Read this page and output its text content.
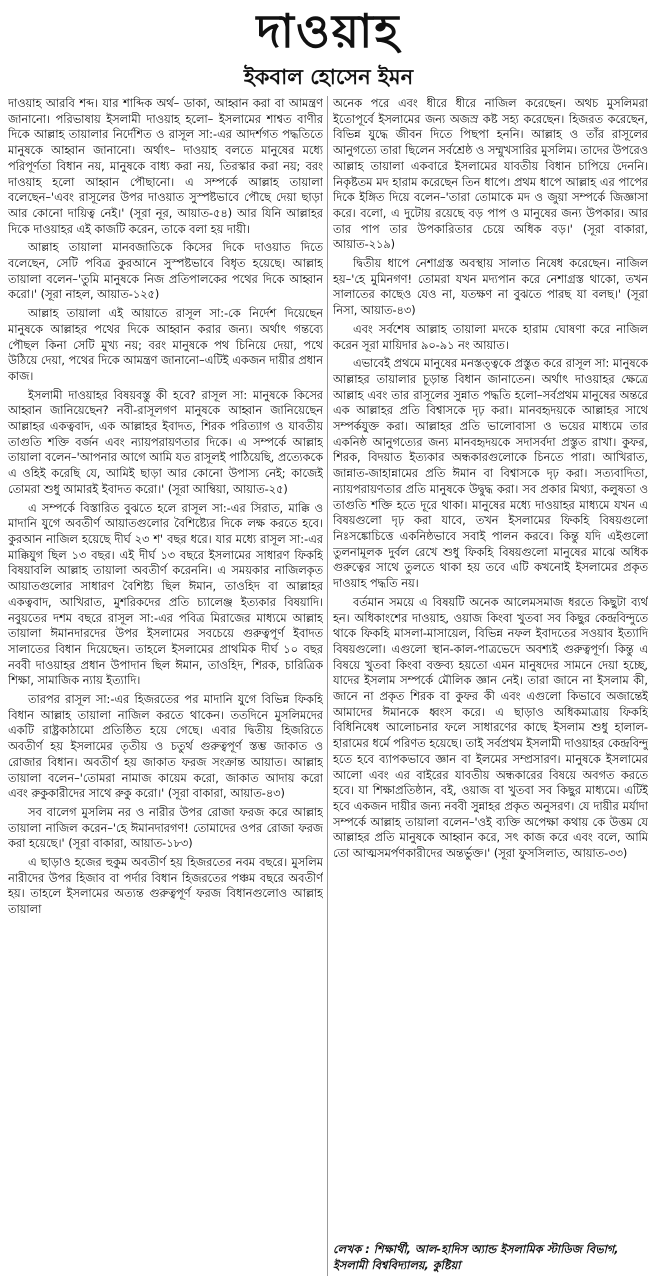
দাওয়াহ
ইকবাল হোসেন ইমন

দাওয়াহ আরবি শব্দ। যার শাব্দিক অর্থ– ডাকা, আহ্বান করা বা আমন্ত্রণ জানানো। পরিভাষায় ইসলামী দাওয়াহ হলো– ইসলামের শাশ্বত বাণীর দিকে আল্লাহ তায়ালার নির্দেশিত ও রাসূল সা:-এর আদর্শগত পদ্ধতিতে মানুষকে আহ্বান জানানো। অর্থাৎ– দাওয়াহ বলতে মানুষের মধ্যে পরিপূর্ণতা বিধান নয়, মানুষকে বাধ্য করা নয়, তিরস্কার করা নয়; বরং দাওয়াহ হলো আহ্বান পৌছানো। এ সম্পর্কে আল্লাহ তায়ালা বলেছেন–'এবং রাসূলের উপর দাওয়াত সুস্পষ্টভাবে পৌছে দেয়া ছাড়া আর কোনো দায়িত্ব নেই।' (সূরা নূর, আয়াত-৫৪) আর যিনি আল্লাহর দিকে দাওয়াহর এই কাজটি করেন, তাকে বলা হয় দায়ী।

আল্লাহ তায়ালা মানবজাতিকে কিসের দিকে দাওয়াত দিতে বলেছেন, সেটি পবিত্র কুরআনে সুস্পষ্টভাবে বিধৃত হয়েছে। আল্লাহ তায়ালা বলেন–'তুমি মানুষকে নিজ প্রতিপালকের পথের দিকে আহ্বান করো।' (সূরা নাহল, আয়াত-১২৫)

আল্লাহ তায়ালা এই আয়াতে রাসূল সা:-কে নির্দেশ দিয়েছেন মানুষকে আল্লাহর পথের দিকে আহ্বান করার জন্য। অর্থাৎ গন্তব্যে পৌছল কিনা সেটি মুখ্য নয়; বরং মানুষকে পথ চিনিয়ে দেয়া, পথে উঠিয়ে দেয়া, পথের দিকে আমন্ত্রণ জানানো–এটিই একজন দায়ীর প্রধান কাজ।

ইসলামী দাওয়াহর বিষয়বস্তু কী হবে? রাসূল সা: মানুষকে কিসের আহ্বান জানিয়েছেন? নবী-রাসূলগণ মানুষকে আহ্বান জানিয়েছেন আল্লাহর একত্ববাদ, এক আল্লাহর ইবাদত, শিরক পরিত্যাগ ও যাবতীয় তাগুতি শক্তি বর্জন এবং ন্যায়পরায়ণতার দিকে। এ সম্পর্কে আল্লাহ তায়ালা বলেন–'আপনার আগে আমি যত রাসূলই পাঠিয়েছি, প্রত্যেককে এ ওহিই করেছি যে, আমিই ছাড়া আর কোনো উপাস্য নেই; কাজেই তোমরা শুধু আমারই ইবাদত করো।' (সূরা আম্বিয়া, আয়াত-২৫)

এ সম্পর্কে বিস্তারিত বুঝতে হলে রাসূল সা:-এর সিরাত, মাক্কি ও মাদানি যুগে অবতীর্ণ আয়াতগুলোর বৈশিষ্ট্যের দিকে লক্ষ করতে হবে। কুরআন নাজিল হয়েছে দীর্ঘ ২৩ শ' বছর ধরে। যার মধ্যে রাসূল সা:-এর মাক্কিযুগ ছিল ১৩ বছর। এই দীর্ঘ ১৩ বছরে ইসলামের সাধারণ ফিকহি বিষয়াবলি আল্লাহ তায়ালা অবতীর্ণ করেননি। এ সময়কার নাজিলকৃত আয়াতগুলোর সাধারণ বৈশিষ্ট্য ছিল ঈমান, তাওহিদ বা আল্লাহর একত্ববাদ, আখিরাত, মুশরিকদের প্রতি চ্যালেঞ্জ ইত্যকার বিষয়াদি। নবুয়তের দশম বছরে রাসূল সা:-এর পবিত্র মিরাজের মাধ্যমে আল্লাহ তায়ালা ঈমানদারদের উপর ইসলামের সবচেয়ে গুরুত্বপূর্ণ ইবাদত সালাতের বিধান দিয়েছেন। তাহলে ইসলামের প্রাথমিক দীর্ঘ ১০ বছর নববী দাওয়াহর প্রধান উপাদান ছিল ঈমান, তাওহিদ, শিরক, চারিত্রিক শিক্ষা, সামাজিক ন্যায় ইত্যাদি।

তারপর রাসূল সা:-এর হিজরতের পর মাদানি যুগে বিভিন্ন ফিকহি বিধান আল্লাহ তায়ালা নাজিল করতে থাকেন। ততদিনে মুসলিমদের একটি রাষ্ট্রকাঠামো প্রতিষ্ঠিত হয়ে গেছে। এবার দ্বিতীয় হিজরিতে অবতীর্ণ হয় ইসলামের তৃতীয় ও চতুর্থ গুরুত্বপূর্ণ স্তম্ভ জাকাত ও রোজার বিধান। অবতীর্ণ হয় জাকাত ফরজ সংক্রান্ত আয়াত। আল্লাহ তায়ালা বলেন–'তোমরা নামাজ কায়েম করো, জাকাত আদায় করো এবং রুকুকারীদের সাথে রুকু করো।' (সূরা বাকারা, আয়াত-৪৩)

সব বালেগ মুসলিম নর ও নারীর উপর রোজা ফরজ করে আল্লাহ তায়ালা নাজিল করেন–'হে ঈমানদারগণ! তোমাদের ওপর রোজা ফরজ করা হয়েছে।' (সূরা বাকারা, আয়াত-১৮৩)

এ ছাড়াও হজের হুকুম অবতীর্ণ হয় হিজরতের নবম বছরে। মুসলিম নারীদের উপর হিজাব বা পর্দার বিধান হিজরতের পঞ্চম বছরে অবতীর্ণ হয়। তাহলে ইসলামের অত্যন্ত গুরুত্বপূর্ণ ফরজ বিধানগুলোও আল্লাহ তায়ালা

অনেক পরে এবং ধীরে ধীরে নাজিল করেছেন। অথচ মুসলিমরা ইতোপূর্বে ইসলামের জন্য অজস্র কষ্ট সহ্য করেছেন। হিজরত করেছেন, বিভিন্ন যুদ্ধে জীবন দিতে পিছপা হননি। আল্লাহ ও তাঁর রাসূলের আনুগত্যে তারা ছিলেন সর্বশ্রেষ্ঠ ও সম্মুখসারির মুসলিম। তাদের উপরেও আল্লাহ তায়ালা একবারে ইসলামের যাবতীয় বিধান চাপিয়ে দেননি। নিকৃষ্টতম মদ হারাম করেছেন তিন ধাপে। প্রথম ধাপে আল্লাহ এর পাপের দিকে ইঙ্গিত দিয়ে বলেন–'তারা তোমাকে মদ ও জুয়া সম্পর্কে জিজ্ঞাসা করে। বলো, এ দুটোয় রয়েছে বড় পাপ ও মানুষের জন্য উপকার। আর তার পাপ তার উপকারিতার চেয়ে অধিক বড়।' (সূরা বাকারা, আয়াত-২১৯)

দ্বিতীয় ধাপে নেশাগ্রস্ত অবস্থায় সালাত নিষেধ করেছেন। নাজিল হয়–'হে মুমিনগণ! তোমরা যখন মদ্যপান করে নেশাগ্রস্ত থাকো, তখন সালাতের কাছেও যেও না, যতক্ষণ না বুঝতে পারছ যা বলছ।' (সূরা নিসা, আয়াত-৪৩)

এবং সর্বশেষ আল্লাহ তায়ালা মদকে হারাম ঘোষণা করে নাজিল করেন সূরা মায়িদার ৯০-৯১ নং আয়াত।

এভাবেই প্রথমে মানুষের মনস্তত্ত্বকে প্রস্তুত করে রাসূল সা: মানুষকে আল্লাহর তায়ালার চূড়ান্ত বিধান জানাতেন। অর্থাৎ দাওয়াহর ক্ষেত্রে আল্লাহ এবং তার রাসূলের সুন্নাত পদ্ধতি হলো–সর্বপ্রথম মানুষের অন্তরে এক আল্লাহর প্রতি বিশ্বাসকে দৃঢ় করা। মানবহৃদয়কে আল্লাহর সাথে সম্পর্কযুক্ত করা। আল্লাহর প্রতি ভালোবাসা ও ভয়ের মাধ্যমে তার একনিষ্ঠ আনুগত্যের জন্য মানবহৃদয়কে সদাসর্বদা প্রস্তুত রাখা। কুফর, শিরক, বিদয়াত ইত্যকার অন্ধকারগুলোকে চিনতে পারা। আখিরাত, জান্নাত-জাহান্নামের প্রতি ঈমান বা বিশ্বাসকে দৃঢ় করা। সত্যবাদিতা, ন্যায়পরায়ণতার প্রতি মানুষকে উদ্বুদ্ধ করা। সব প্রকার মিথ্যা, কলুষতা ও তাগুতি শক্তি হতে দূরে থাকা। মানুষের মধ্যে দাওয়াহর মাধ্যমে যখন এ বিষয়গুলো দৃঢ় করা যাবে, তখন ইসলামের ফিকহি বিষয়গুলো নিঃসঙ্কোচিত্তে একনিষ্ঠভাবে সবাই পালন করবে। কিন্তু যদি এইগুলো তুলনামূলক দুর্বল রেখে শুধু ফিকহি বিষয়গুলো মানুষের মাঝে অধিক গুরুত্বের সাথে তুলতে থাকা হয় তবে এটি কখনোই ইসলামের প্রকৃত দাওয়াহ পদ্ধতি নয়।

বর্তমান সময়ে এ বিষয়টি অনেক আলেমসমাজ ধরতে কিছুটা ব্যর্থ হন। অধিকাংশের দাওয়াহ, ওয়াজ কিংবা খুতবা সব কিছুর কেন্দ্রবিন্দুতে থাকে ফিকহি মাসলা-মাসায়েল, বিভিন্ন নফল ইবাদতের সওয়াব ইত্যাদি বিষয়গুলো। এগুলো স্থান-কাল-পাত্রভেদে অবশ্যই গুরুত্বপূর্ণ। কিন্তু এ বিষয়ে খুতবা কিংবা বক্তব্য হয়তো এমন মানুষদের সামনে দেয়া হচ্ছে, যাদের ইসলাম সম্পর্কে মৌলিক জ্ঞান নেই। তারা জানে না ইসলাম কী, জানে না প্রকৃত শিরক বা কুফর কী এবং এগুলো কিভাবে অজান্তেই আমাদের ঈমানকে ধ্বংস করে। এ ছাড়াও অধিকমাত্রায় ফিকহি বিধিনিষেধ আলোচনার ফলে সাধারণের কাছে ইসলাম শুধু হালাল-হারামের ধর্মে পরিণত হয়েছে। তাই সর্বপ্রথম ইসলামী দাওয়াহর কেন্দ্রবিন্দু হতে হবে ব্যাপকভাবে জ্ঞান বা ইলমের সম্প্রসারণ। মানুষকে ইসলামের আলো এবং এর বাইরের যাবতীয় অন্ধকারের বিষয়ে অবগত করতে হবে। যা শিক্ষাপ্রতিষ্ঠান, বই, ওয়াজ বা খুতবা সব কিছুর মাধ্যমে। এটিই হবে একজন দায়ীর জন্য নববী সুন্নাহর প্রকৃত অনুসরণ। যে দায়ীর মর্যাদা সম্পর্কে আল্লাহ তায়ালা বলেন–'ওই ব্যক্তি অপেক্ষা কথায় কে উত্তম যে আল্লাহর প্রতি মানুষকে আহ্বান করে, সৎ কাজ করে এবং বলে, আমি তো আত্মসমর্পণকারীদের অন্তর্ভুক্ত।' (সূরা ফুসসিলাত, আয়াত-৩৩)

লেখক : শিক্ষার্থী, আল-হাদিস অ্যান্ড ইসলামিক স্টাডিজ বিভাগ, ইসলামী বিশ্ববিদ্যালয়, কুষ্টিয়া
